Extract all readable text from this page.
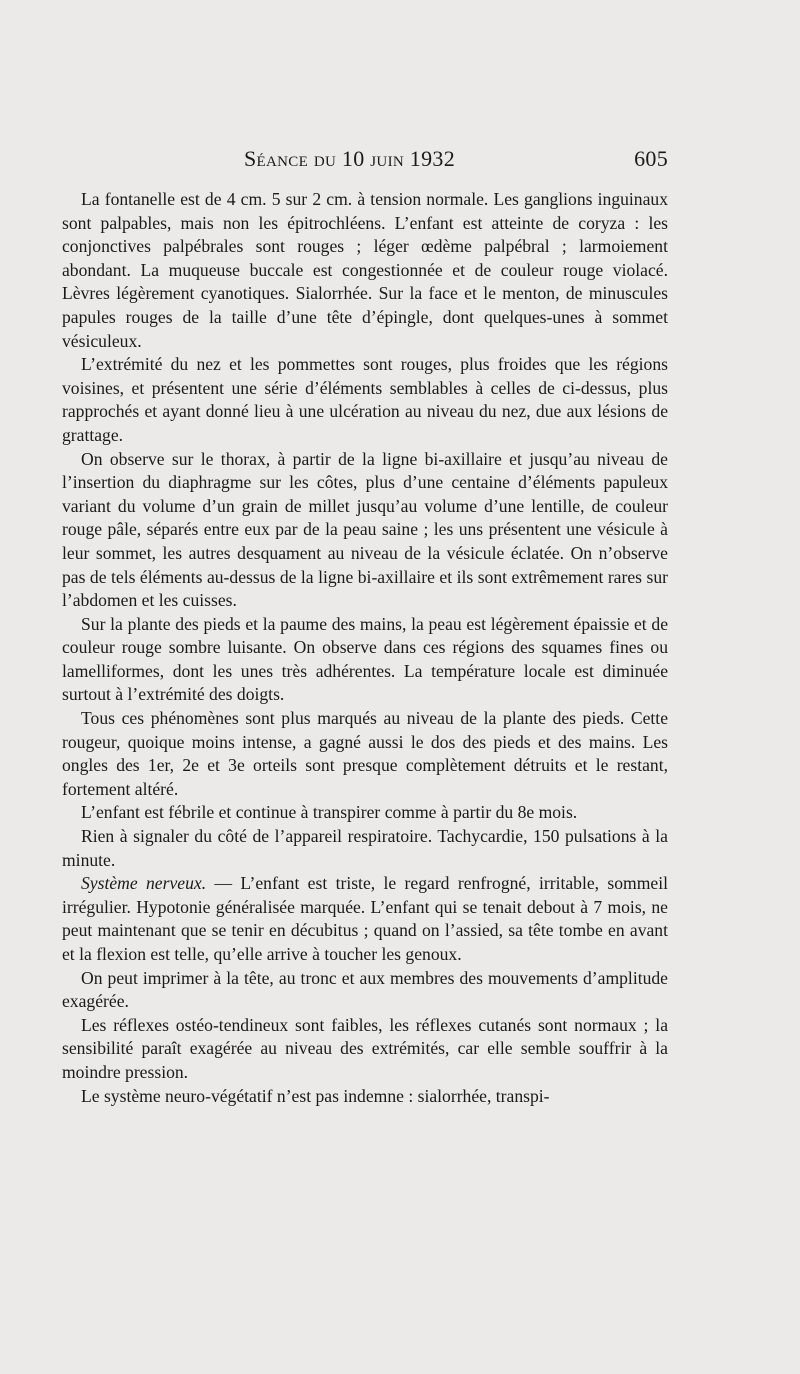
Séance du 10 juin 1932	605

La fontanelle est de 4 cm. 5 sur 2 cm. à tension normale. Les ganglions inguinaux sont palpables, mais non les épitrochléens. L’enfant est atteinte de coryza : les conjonctives palpébrales sont rouges ; léger œdème palpébral ; larmoiement abondant. La muqueuse buccale est congestionnée et de couleur rouge violacé. Lèvres légèrement cyanotiques. Sialorrhée. Sur la face et le menton, de minuscules papules rouges de la taille d’une tête d’épingle, dont quelques-unes à sommet vésiculeux.

L’extrémité du nez et les pommettes sont rouges, plus froides que les régions voisines, et présentent une série d’éléments semblables à celles de ci-dessus, plus rapprochés et ayant donné lieu à une ulcération au niveau du nez, due aux lésions de grattage.

On observe sur le thorax, à partir de la ligne bi-axillaire et jusqu’au niveau de l’insertion du diaphragme sur les côtes, plus d’une centaine d’éléments papuleux variant du volume d’un grain de millet jusqu’au volume d’une lentille, de couleur rouge pâle, séparés entre eux par de la peau saine ; les uns présentent une vésicule à leur sommet, les autres desquament au niveau de la vésicule éclatée. On n’observe pas de tels éléments au-dessus de la ligne bi-axillaire et ils sont extrêmement rares sur l’abdomen et les cuisses.

Sur la plante des pieds et la paume des mains, la peau est légèrement épaissie et de couleur rouge sombre luisante. On observe dans ces régions des squames fines ou lamelliformes, dont les unes très adhérentes. La température locale est diminuée surtout à l’extrémité des doigts.

Tous ces phénomènes sont plus marqués au niveau de la plante des pieds. Cette rougeur, quoique moins intense, a gagné aussi le dos des pieds et des mains. Les ongles des 1er, 2e et 3e orteils sont presque complètement détruits et le restant, fortement altéré.

L’enfant est fébrile et continue à transpirer comme à partir du 8e mois.

Rien à signaler du côté de l’appareil respiratoire. Tachycardie, 150 pulsations à la minute.

Système nerveux. — L’enfant est triste, le regard renfrogné, irritable, sommeil irrégulier. Hypotonie généralisée marquée. L’enfant qui se tenait debout à 7 mois, ne peut maintenant que se tenir en décubitus ; quand on l’assied, sa tête tombe en avant et la flexion est telle, qu’elle arrive à toucher les genoux.

On peut imprimer à la tête, au tronc et aux membres des mouvements d’amplitude exagérée.

Les réflexes ostéo-tendineux sont faibles, les réflexes cutanés sont normaux ; la sensibilité paraît exagérée au niveau des extrémités, car elle semble souffrir à la moindre pression.

Le système neuro-végétatif n’est pas indemne : sialorrhée, transpi-
